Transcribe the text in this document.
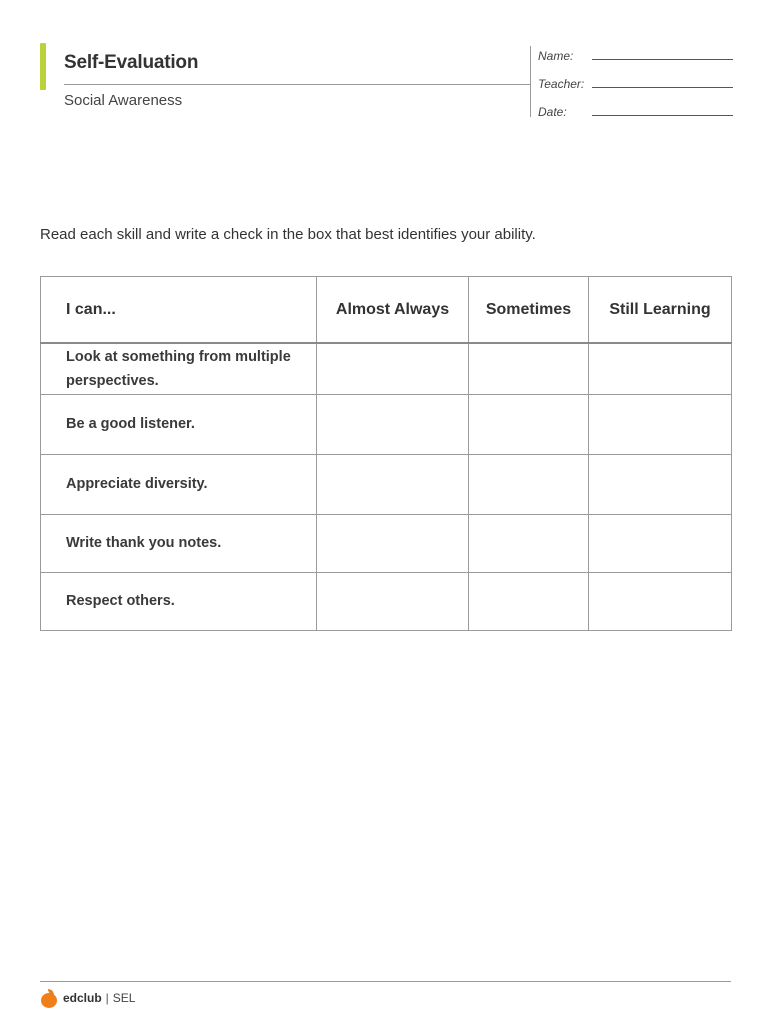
Self-Evaluation
Social Awareness
Name:
Teacher:
Date:
Read each skill and write a check in the box that best identifies your ability.
I can...	Almost Always	Sometimes	Still Learning
Look at something from multiple perspectives.			
Be a good listener.			
Appreciate diversity.			
Write thank you notes.			
Respect others.			
edclub | SEL
